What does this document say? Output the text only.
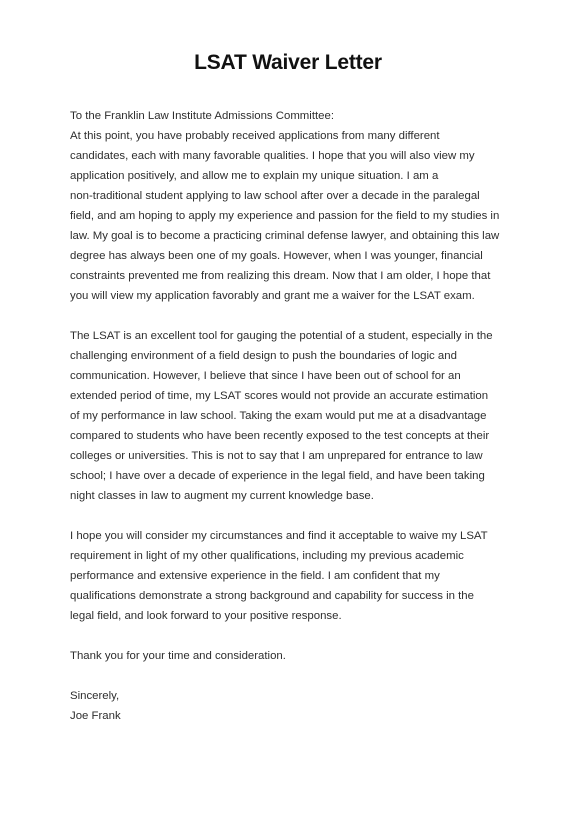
LSAT Waiver Letter
To the Franklin Law Institute Admissions Committee:
At this point, you have probably received applications from many different
candidates, each with many favorable qualities. I hope that you will also view my
application positively, and allow me to explain my unique situation. I am a
non-traditional student applying to law school after over a decade in the paralegal
field, and am hoping to apply my experience and passion for the field to my studies in
law. My goal is to become a practicing criminal defense lawyer, and obtaining this law
degree has always been one of my goals. However, when I was younger, financial
constraints prevented me from realizing this dream. Now that I am older, I hope that
you will view my application favorably and grant me a waiver for the LSAT exam.
The LSAT is an excellent tool for gauging the potential of a student, especially in the
challenging environment of a field design to push the boundaries of logic and
communication. However, I believe that since I have been out of school for an
extended period of time, my LSAT scores would not provide an accurate estimation
of my performance in law school. Taking the exam would put me at a disadvantage
compared to students who have been recently exposed to the test concepts at their
colleges or universities. This is not to say that I am unprepared for entrance to law
school; I have over a decade of experience in the legal field, and have been taking
night classes in law to augment my current knowledge base.
I hope you will consider my circumstances and find it acceptable to waive my LSAT
requirement in light of my other qualifications, including my previous academic
performance and extensive experience in the field. I am confident that my
qualifications demonstrate a strong background and capability for success in the
legal field, and look forward to your positive response.
Thank you for your time and consideration.
Sincerely,
Joe Frank
